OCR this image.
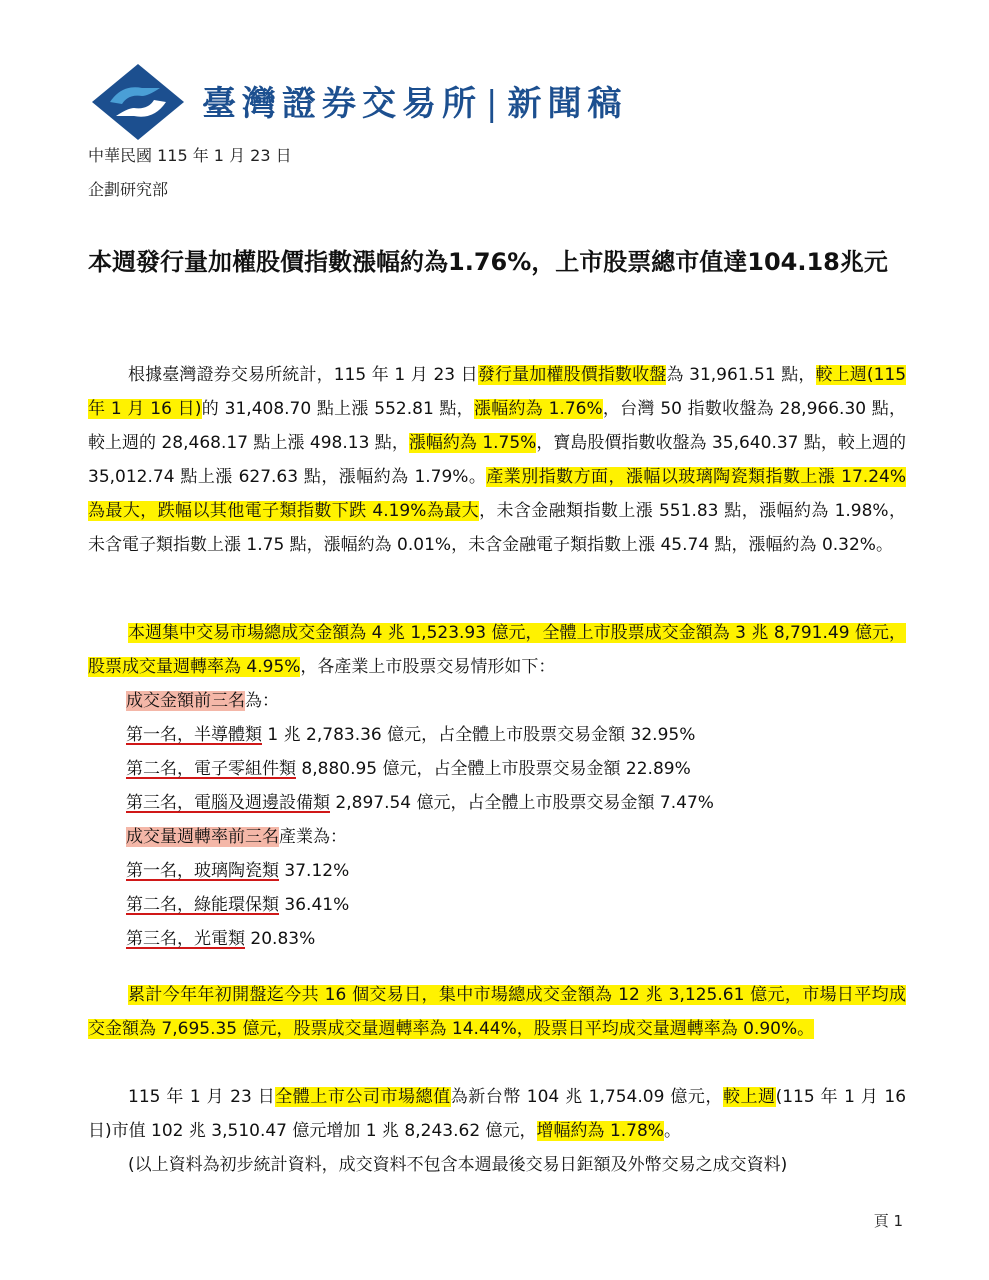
臺灣證券交易所 | 新聞稿
中華民國 115 年 1 月 23 日
企劃研究部
本週發行量加權股價指數漲幅約為1.76%，上市股票總市值達104.18兆元

根據臺灣證券交易所統計，115 年 1 月 23 日發行量加權股價指數收盤為 31,961.51 點，較上週(115 年 1 月 16 日)的 31,408.70 點上漲 552.81 點，漲幅約為 1.76%，台灣 50 指數收盤為 28,966.30 點，較上週的 28,468.17 點上漲 498.13 點，漲幅約為 1.75%，寶島股價指數收盤為 35,640.37 點，較上週的 35,012.74 點上漲 627.63 點，漲幅約為 1.79%。產業別指數方面，漲幅以玻璃陶瓷類指數上漲 17.24%為最大，跌幅以其他電子類指數下跌 4.19%為最大，未含金融類指數上漲 551.83 點，漲幅約為 1.98%，未含電子類指數上漲 1.75 點，漲幅約為 0.01%，未含金融電子類指數上漲 45.74 點，漲幅約為 0.32%。

本週集中交易市場總成交金額為 4 兆 1,523.93 億元，全體上市股票成交金額為 3 兆 8,791.49 億元，股票成交量週轉率為 4.95%，各產業上市股票交易情形如下：

成交金額前三名為：
第一名，半導體類 1 兆 2,783.36 億元，占全體上市股票交易金額 32.95%
第二名，電子零組件類 8,880.95 億元，占全體上市股票交易金額 22.89%
第三名，電腦及週邊設備類 2,897.54 億元，占全體上市股票交易金額 7.47%
成交量週轉率前三名產業為：
第一名，玻璃陶瓷類 37.12%
第二名，綠能環保類 36.41%
第三名，光電類 20.83%

累計今年年初開盤迄今共 16 個交易日，集中市場總成交金額為 12 兆 3,125.61 億元，市場日平均成交金額為 7,695.35 億元，股票成交量週轉率為 14.44%，股票日平均成交量週轉率為 0.90%。

115 年 1 月 23 日全體上市公司市場總值為新台幣 104 兆 1,754.09 億元，較上週(115 年 1 月 16 日)市值 102 兆 3,510.47 億元增加 1 兆 8,243.62 億元，增幅約為 1.78%。

(以上資料為初步統計資料，成交資料不包含本週最後交易日鉅額及外幣交易之成交資料)

頁 1
